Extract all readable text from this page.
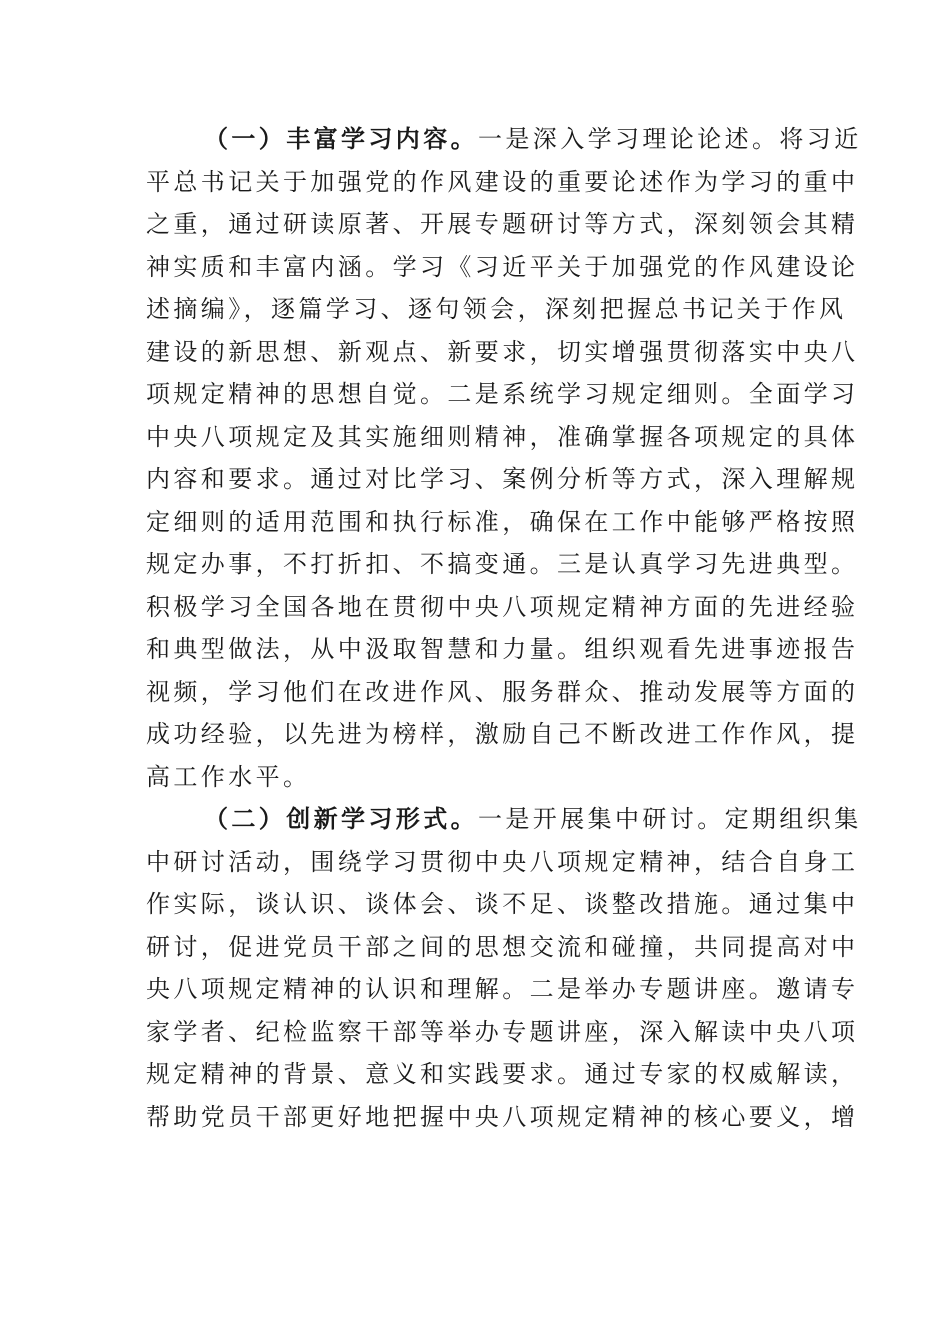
（一）丰富学习内容。一是深入学习理论论述。将习近
平总书记关于加强党的作风建设的重要论述作为学习的重中
之重，通过研读原著、开展专题研讨等方式，深刻领会其精
神实质和丰富内涵。学习《习近平关于加强党的作风建设论
述摘编》，逐篇学习、逐句领会，深刻把握总书记关于作风
建设的新思想、新观点、新要求，切实增强贯彻落实中央八
项规定精神的思想自觉。二是系统学习规定细则。全面学习
中央八项规定及其实施细则精神，准确掌握各项规定的具体
内容和要求。通过对比学习、案例分析等方式，深入理解规
定细则的适用范围和执行标准，确保在工作中能够严格按照
规定办事，不打折扣、不搞变通。三是认真学习先进典型。
积极学习全国各地在贯彻中央八项规定精神方面的先进经验
和典型做法，从中汲取智慧和力量。组织观看先进事迹报告
视频，学习他们在改进作风、服务群众、推动发展等方面的
成功经验，以先进为榜样，激励自己不断改进工作作风，提
高工作水平。
（二）创新学习形式。一是开展集中研讨。定期组织集
中研讨活动，围绕学习贯彻中央八项规定精神，结合自身工
作实际，谈认识、谈体会、谈不足、谈整改措施。通过集中
研讨，促进党员干部之间的思想交流和碰撞，共同提高对中
央八项规定精神的认识和理解。二是举办专题讲座。邀请专
家学者、纪检监察干部等举办专题讲座，深入解读中央八项
规定精神的背景、意义和实践要求。通过专家的权威解读，
帮助党员干部更好地把握中央八项规定精神的核心要义，增
